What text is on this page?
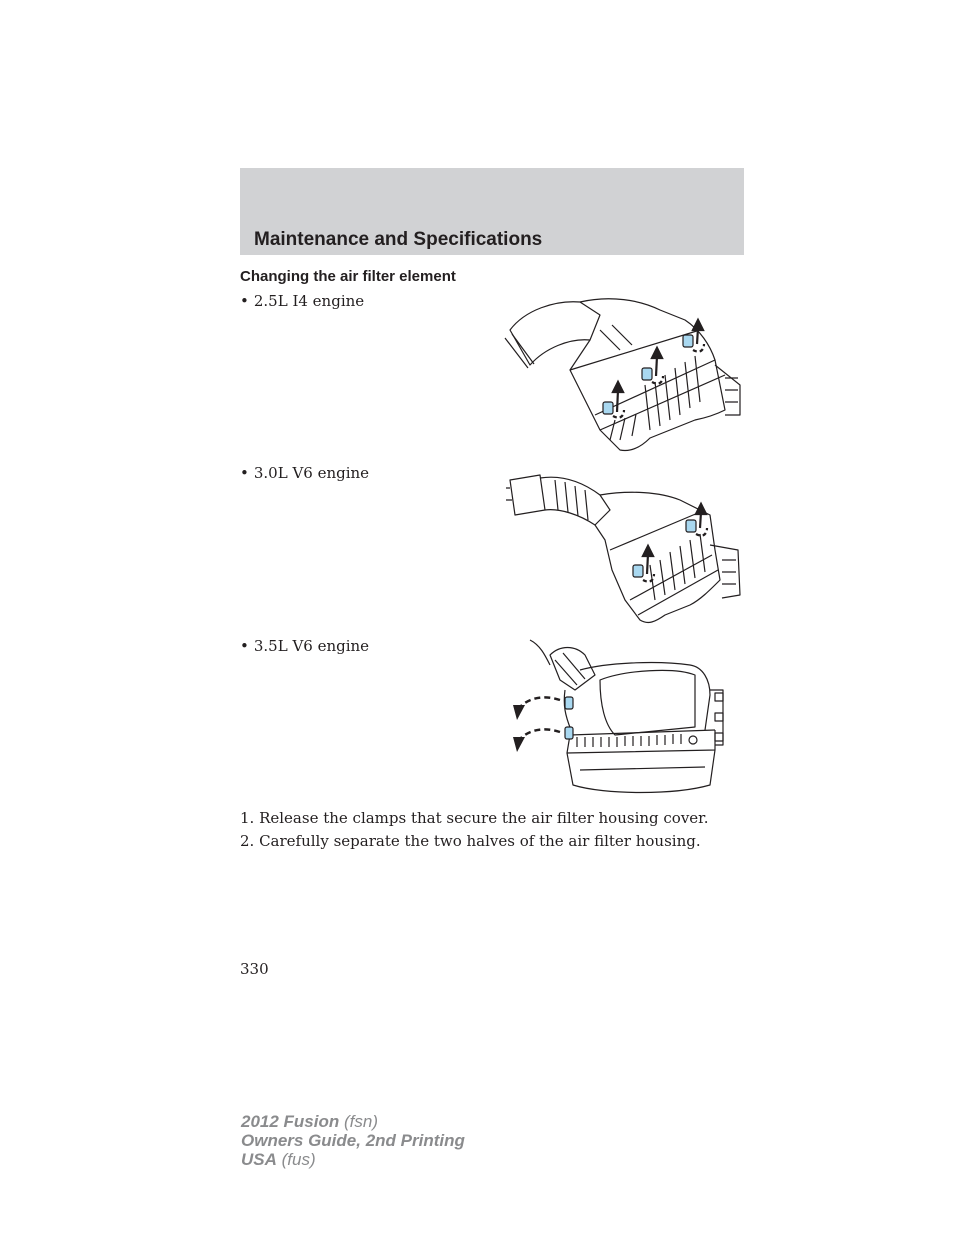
Maintenance and Specifications
Changing the air filter element
• 2.5L I4 engine
• 3.0L V6 engine
• 3.5L V6 engine
1. Release the clamps that secure the air filter housing cover.
2. Carefully separate the two halves of the air filter housing.
330
2012 Fusion (fsn)
Owners Guide, 2nd Printing
USA (fus)
